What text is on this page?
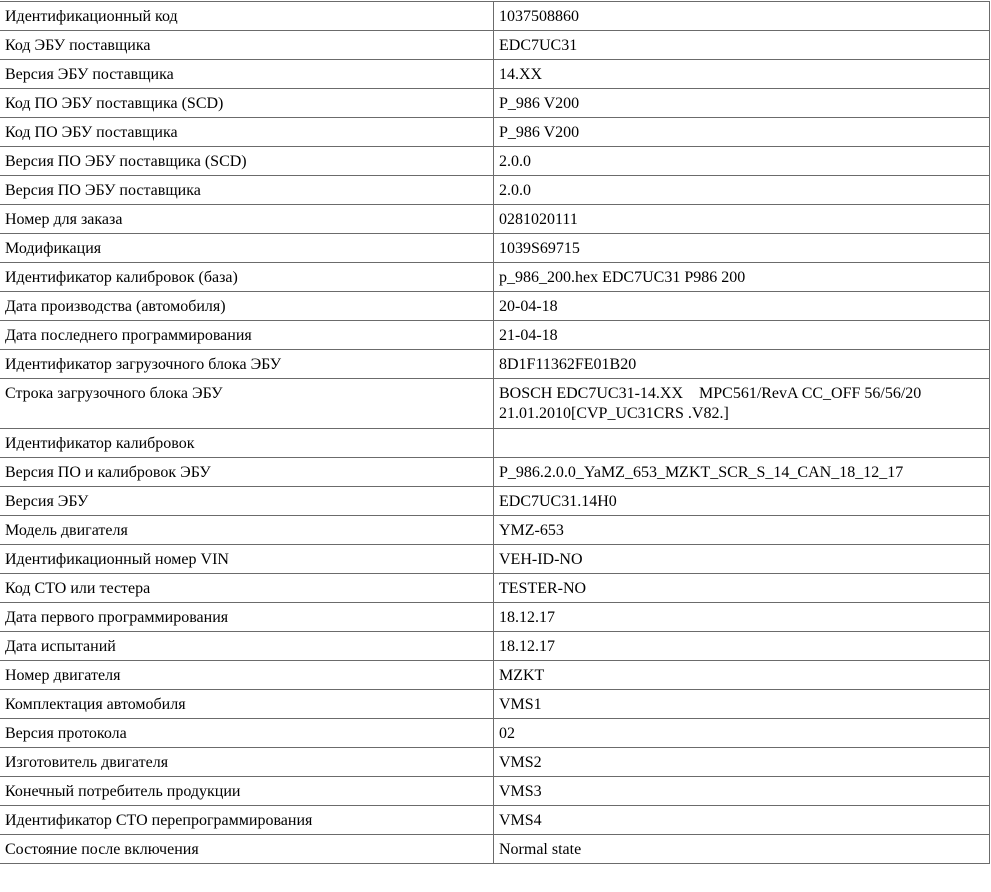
Идентификационный код	1037508860
Код ЭБУ поставщика	EDC7UC31
Версия ЭБУ поставщика	14.XX
Код ПО ЭБУ поставщика (SCD)	P_986 V200
Код ПО ЭБУ поставщика	P_986 V200
Версия ПО ЭБУ поставщика (SCD)	2.0.0
Версия ПО ЭБУ поставщика	2.0.0
Номер для заказа	0281020111
Модификация	1039S69715
Идентификатор калибровок (база)	p_986_200.hex EDC7UC31 P986 200
Дата производства (автомобиля)	20-04-18
Дата последнего программирования	21-04-18
Идентификатор загрузочного блока ЭБУ	8D1F11362FE01B20
Строка загрузочного блока ЭБУ	BOSCH EDC7UC31-14.XX    MPC561/RevA CC_OFF 56/56/20
21.01.2010[CVP_UC31CRS .V82.]

Идентификатор калибровок	
Версия ПО и калибровок ЭБУ	P_986.2.0.0_YaMZ_653_MZKT_SCR_S_14_CAN_18_12_17
Версия ЭБУ	EDC7UC31.14H0
Модель двигателя	YMZ-653
Идентификационный номер VIN	VEH-ID-NO
Код СТО или тестера	TESTER-NO
Дата первого программирования	18.12.17
Дата испытаний	18.12.17
Номер двигателя	MZKT
Комплектация автомобиля	VMS1
Версия протокола	02
Изготовитель двигателя	VMS2
Конечный потребитель продукции	VMS3
Идентификатор СТО перепрограммирования	VMS4
Состояние после включения	Normal state
